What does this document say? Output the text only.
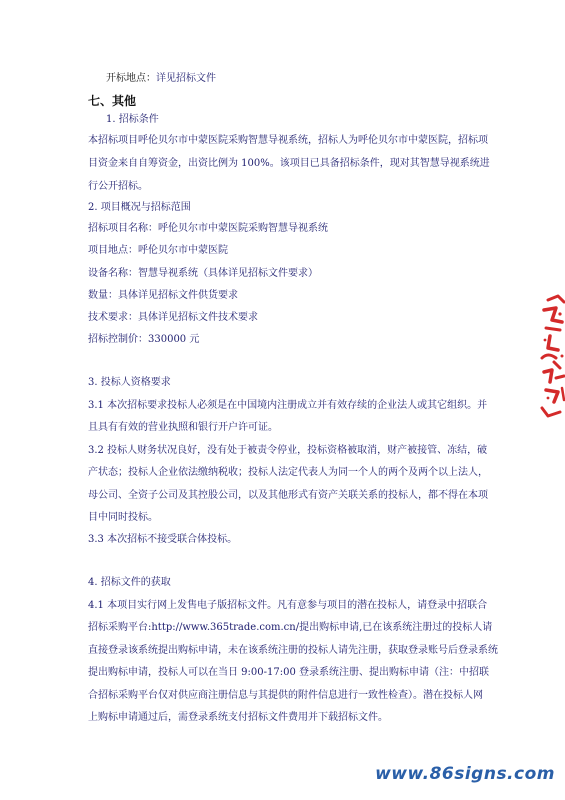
开标地点：详见招标文件
七、其他
1. 招标条件
本招标项目呼伦贝尔市中蒙医院采购智慧导视系统，招标人为呼伦贝尔市中蒙医院，招标项
目资金来自自筹资金，出资比例为 100%。该项目已具备招标条件，现对其智慧导视系统进
行公开招标。
2. 项目概况与招标范围
招标项目名称：呼伦贝尔市中蒙医院采购智慧导视系统
项目地点：呼伦贝尔市中蒙医院
设备名称：智慧导视系统（具体详见招标文件要求）
数量：具体详见招标文件供货要求
技术要求：具体详见招标文件技术要求
招标控制价：330000 元
3. 投标人资格要求
3.1 本次招标要求投标人必须是在中国境内注册成立并有效存续的企业法人或其它组织。并
且具有有效的营业执照和银行开户许可证。
3.2 投标人财务状况良好，没有处于被责令停业，投标资格被取消，财产被接管、冻结，破
产状态；投标人企业依法缴纳税收；投标人法定代表人为同一个人的两个及两个以上法人，
母公司、全资子公司及其控股公司，以及其他形式有资产关联关系的投标人，都不得在本项
目中同时投标。
3.3 本次招标不接受联合体投标。
4. 招标文件的获取
4.1 本项目实行网上发售电子版招标文件。凡有意参与项目的潜在投标人，请登录中招联合
招标采购平台:http://www.365trade.com.cn/提出购标申请,已在该系统注册过的投标人请
直接登录该系统提出购标申请，未在该系统注册的投标人请先注册，获取登录账号后登录系统
提出购标申请，投标人可以在当日 9:00-17:00 登录系统注册、提出购标申请（注：中招联
合招标采购平台仅对供应商注册信息与其提供的附件信息进行一致性检查）。潜在投标人网
上购标申请通过后，需登录系统支付招标文件费用并下载招标文件。
www.86signs.com
